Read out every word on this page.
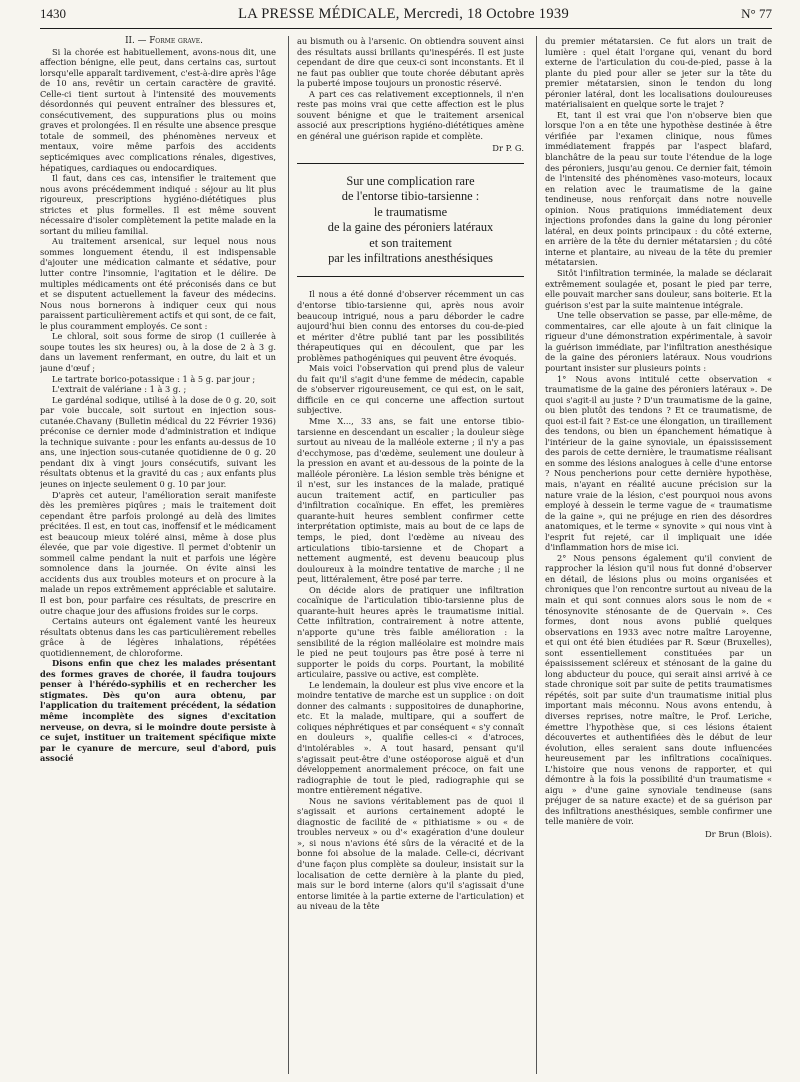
1430	LA PRESSE MÉDICALE, Mercredi, 18 Octobre 1939	N° 77

II. — Forme grave.

Si la chorée est habituellement, avons-nous dit, une affection bénigne, elle peut, dans certains cas, surtout lorsqu'elle apparaît tardivement, c'est-à-dire après l'âge de 10 ans, revêtir un certain caractère de gravité. Celle-ci tient surtout à l'intensité des mouvements désordonnés qui peuvent entraîner des blessures et, consécutivement, des suppurations plus ou moins graves et prolongées. Il en résulte une absence presque totale de sommeil, des phénomènes nerveux et mentaux, voire même parfois des accidents septicémiques avec complications rénales, digestives, hépatiques, cardiaques ou endocardiques.

Il faut, dans ces cas, intensifier le traitement que nous avons précédemment indiqué : séjour au lit plus rigoureux, prescriptions hygiéno-diététiques plus strictes et plus formelles. Il est même souvent nécessaire d'isoler complètement la petite malade en la sortant du milieu familial.

Au traitement arsenical, sur lequel nous nous sommes longuement étendu, il est indispensable d'ajouter une médication calmante et sédative, pour lutter contre l'insomnie, l'agitation et le délire. De multiples médicaments ont été préconisés dans ce but et se disputent actuellement la faveur des médecins. Nous nous bornerons à indiquer ceux qui nous paraissent particulièrement actifs et qui sont, de ce fait, le plus couramment employés. Ce sont :

Le chloral, soit sous forme de sirop (1 cuillerée à soupe toutes les six heures) ou, à la dose de 2 à 3 g. dans un lavement renfermant, en outre, du lait et un jaune d'œuf ;

Le tartrate borico-potassique : 1 à 5 g. par jour ;

L'extrait de valériane : 1 à 3 g. ;

Le gardénal sodique, utilisé à la dose de 0 g. 20, soit par voie buccale, soit surtout en injection sous-cutanée.Chavany (Bulletin médical du 22 Février 1936) préconise ce dernier mode d'administration et indique la technique suivante : pour les enfants au-dessus de 10 ans, une injection sous-cutanée quotidienne de 0 g. 20 pendant dix à vingt jours consécutifs, suivant les résultats obtenus et la gravité du cas ; aux enfants plus jeunes on injecte seulement 0 g. 10 par jour.

D'après cet auteur, l'amélioration serait manifeste dès les premières piqûres ; mais le traitement doit cependant être parfois prolongé au delà des limites précitées. Il est, en tout cas, inoffensif et le médicament est beaucoup mieux toléré ainsi, même à dose plus élevée, que par voie digestive. Il permet d'obtenir un sommeil calme pendant la nuit et parfois une légère somnolence dans la journée. On évite ainsi les accidents dus aux troubles moteurs et on procure à la malade un repos extrêmement appréciable et salutaire. Il est bon, pour parfaire ces résultats, de prescrire en outre chaque jour des affusions froides sur le corps.

Certains auteurs ont également vanté les heureux résultats obtenus dans les cas particulièrement rebelles grâce à de légères inhalations, répétées quotidiennement, de chloroforme.

Disons enfin que chez les malades présentant des formes graves de chorée, il faudra toujours penser à l'hérédo-syphilis et en rechercher les stigmates. Dès qu'on aura obtenu, par l'application du traitement précédent, la sédation même incomplète des signes d'excitation nerveuse, on devra, si le moindre doute persiste à ce sujet, instituer un traitement spécifique mixte par le cyanure de mercure, seul d'abord, puis associé

au bismuth ou à l'arsenic. On obtiendra souvent ainsi des résultats aussi brillants qu'inespérés. Il est juste cependant de dire que ceux-ci sont inconstants. Et il ne faut pas oublier que toute chorée débutant après la puberté impose toujours un pronostic réservé.

A part ces cas relativement exceptionnels, il n'en reste pas moins vrai que cette affection est le plus souvent bénigne et que le traitement arsenical associé aux prescriptions hygiéno-diététiques amène en général une guérison rapide et complète.

Dr P. G.
Sur une complication rare
de l'entorse tibio-tarsienne :
le traumatisme
de la gaine des péroniers latéraux
et son traitement
par les infiltrations anesthésiques

Il nous a été donné d'observer récemment un cas d'entorse tibio-tarsienne qui, après nous avoir beaucoup intrigué, nous a paru déborder le cadre aujourd'hui bien connu des entorses du cou-de-pied et mériter d'être publié tant par les possibilités thérapeutiques qui en découlent, que par les problèmes pathogéniques qui peuvent être évoqués.

Mais voici l'observation qui prend plus de valeur du fait qu'il s'agit d'une femme de médecin, capable de s'observer rigoureusement, ce qui est, on le sait, difficile en ce qui concerne une affection surtout subjective.

Mme X..., 33 ans, se fait une entorse tibio-tarsienne en descendant un escalier ; la douleur siège surtout au niveau de la malléole externe ; il n'y a pas d'ecchymose, pas d'œdème, seulement une douleur à la pression en avant et au-dessous de la pointe de la malléole péronière. La lésion semble très bénigne et il n'est, sur les instances de la malade, pratiqué aucun traitement actif, en particulier pas d'infiltration cocaïnique. En effet, les premières quarante-huit heures semblent confirmer cette interprétation optimiste, mais au bout de ce laps de temps, le pied, dont l'œdème au niveau des articulations tibio-tarsienne et de Chopart a nettement augmenté, est devenu beaucoup plus douloureux à la moindre tentative de marche ; il ne peut, littéralement, être posé par terre.

On décide alors de pratiquer une infiltration cocaïnique de l'articulation tibio-tarsienne plus de quarante-huit heures après le traumatisme initial. Cette infiltration, contrairement à notre attente, n'apporte qu'une très faible amélioration : la sensibilité de la région malléolaire est moindre mais le pied ne peut toujours pas être posé à terre ni supporter le poids du corps. Pourtant, la mobilité articulaire, passive ou active, est complète.

Le lendemain, la douleur est plus vive encore et la moindre tentative de marche est un supplice : on doit donner des calmants : suppositoires de dunaphorine, etc. Et la malade, multipare, qui a souffert de coliques néphrétiques et par conséquent « s'y connaît en douleurs », qualifie celles-ci « d'atroces, d'intolérables ». A tout hasard, pensant qu'il s'agissait peut-être d'une ostéoporose aiguë et d'un développement anormalement précoce, on fait une radiographie de tout le pied, radiographie qui se montre entièrement négative.

Nous ne savions véritablement pas de quoi il s'agissait et aurions certainement adopté le diagnostic de facilité de « pithiatisme » ou « de troubles nerveux » ou d'« exagération d'une douleur », si nous n'avions été sûrs de la véracité et de la bonne foi absolue de la malade. Celle-ci, décrivant d'une façon plus complète sa douleur, insistait sur la localisation de cette dernière à la plante du pied, mais sur le bord interne (alors qu'il s'agissait d'une entorse limitée à la partie externe de l'articulation) et au niveau de la tête

du premier métatarsien. Ce fut alors un trait de lumière : quel était l'organe qui, venant du bord externe de l'articulation du cou-de-pied, passe à la plante du pied pour aller se jeter sur la tête du premier métatarsien, sinon le tendon du long péronier latéral, dont les localisations douloureuses matérialisaient en quelque sorte le trajet ?

Et, tant il est vrai que l'on n'observe bien que lorsque l'on a en tête une hypothèse destinée à être vérifiée par l'examen clinique, nous fûmes immédiatement frappés par l'aspect blafard, blanchâtre de la peau sur toute l'étendue de la loge des péroniers, jusqu'au genou. Ce dernier fait, témoin de l'intensité des phénomènes vaso-moteurs, locaux en relation avec le traumatisme de la gaine tendineuse, nous renforçait dans notre nouvelle opinion. Nous pratiquions immédiatement deux injections profondes dans la gaine du long péronier latéral, en deux points principaux : du côté externe, en arrière de la tête du dernier métatarsien ; du côté interne et plantaire, au niveau de la tête du premier métatarsien.

Sitôt l'infiltration terminée, la malade se déclarait extrêmement soulagée et, posant le pied par terre, elle pouvait marcher sans douleur, sans boiterie. Et la guérison s'est par la suite maintenue intégrale.

Une telle observation se passe, par elle-même, de commentaires, car elle ajoute à un fait clinique la rigueur d'une démonstration expérimentale, à savoir la guérison immédiate, par l'infiltration anesthésique de la gaine des péroniers latéraux. Nous voudrions pourtant insister sur plusieurs points :

1° Nous avons intitulé cette observation « traumatisme de la gaine des péroniers latéraux ». De quoi s'agit-il au juste ? D'un traumatisme de la gaine, ou bien plutôt des tendons ? Et ce traumatisme, de quoi est-il fait ? Est-ce une élongation, un tiraillement des tendons, ou bien un épanchement hématique à l'intérieur de la gaine synoviale, un épaississement des parois de cette dernière, le traumatisme réalisant en somme des lésions analogues à celle d'une entorse ? Nous pencherions pour cette dernière hypothèse, mais, n'ayant en réalité aucune précision sur la nature vraie de la lésion, c'est pourquoi nous avons employé à dessein le terme vague de « traumatisme de la gaine », qui ne préjuge en rien des désordres anatomiques, et le terme « synovite » qui nous vint à l'esprit fut rejeté, car il impliquait une idée d'inflammation hors de mise ici.

2° Nous pensons également qu'il convient de rapprocher la lésion qu'il nous fut donné d'observer en détail, de lésions plus ou moins organisées et chroniques que l'on rencontre surtout au niveau de la main et qui sont connues alors sous le nom de « ténosynovite sténosante de de Quervain ». Ces formes, dont nous avons publié quelques observations en 1933 avec notre maître Laroyenne, et qui ont été bien étudiées par R. Sœur (Bruxelles), sont essentiellement constituées par un épaississement scléreux et sténosant de la gaine du long abducteur du pouce, qui serait ainsi arrivé à ce stade chronique soit par suite de petits traumatismes répétés, soit par suite d'un traumatisme initial plus important mais méconnu. Nous avons entendu, à diverses reprises, notre maître, le Prof. Leriche, émettre l'hypothèse que, si ces lésions étaient découvertes et authentifiées dès le début de leur évolution, elles seraient sans doute influencées heureusement par les infiltrations cocaïniques. L'histoire que nous venons de rapporter, et qui démontre à la fois la possibilité d'un traumatisme « aigu » d'une gaine synoviale tendineuse (sans préjuger de sa nature exacte) et de sa guérison par des infiltrations anesthésiques, semble confirmer une telle manière de voir.

Dr Brun (Blois).
